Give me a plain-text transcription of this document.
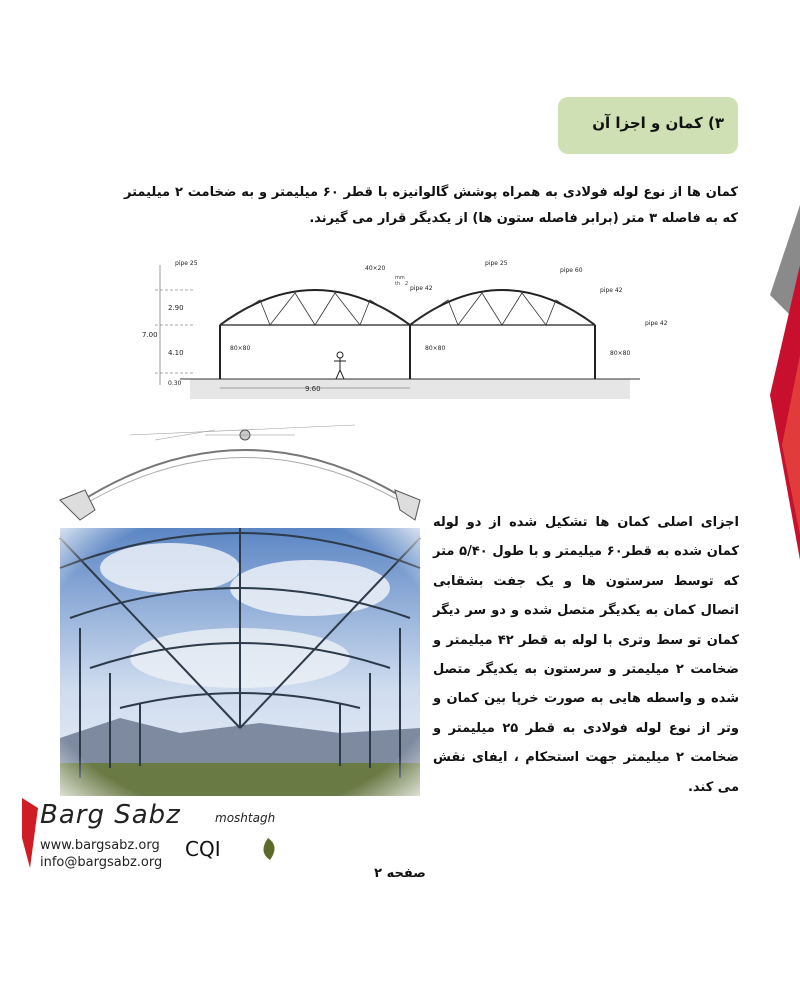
۳) کمان و اجزا آن
کمان ها از نوع لوله فولادی به همراه پوشش گالوانیزه با قطر ۶۰ میلیمتر و به ضخامت ۲ میلیمتر که به فاصله ۳ متر (برابر فاصله ستون ها) از یکدیگر قرار می گیرند.
2.90
7.00
4.10
0.30
9.60
pipe 25
40×20
pipe 25
pipe 60
pipe 42	pipe 42
pipe 42
80×80	80×80
80×80
mm
th 2
اجزای اصلی کمان ها تشکیل شده از دو لوله کمان شده به قطر۶۰ میلیمتر و با طول ۵/۴۰ متر که توسط سرستون ها و یک جفت بشقابی اتصال کمان به یکدیگر متصل شده و دو سر دیگر کمان تو سط وتری با لوله به قطر ۴۲ میلیمتر و ضخامت ۲ میلیمتر و سرستون به یکدیگر متصل شده و واسطه هایی به صورت خرپا بین کمان و وتر از نوع لوله فولادی به قطر ۲۵ میلیمتر و ضخامت ۲ میلیمتر جهت استحکام ، ایفای نقش می کند.
Barg Sabz	moshtagh
www.bargsabz.org
info@bargsabz.org
CQI
صفحه ۲
